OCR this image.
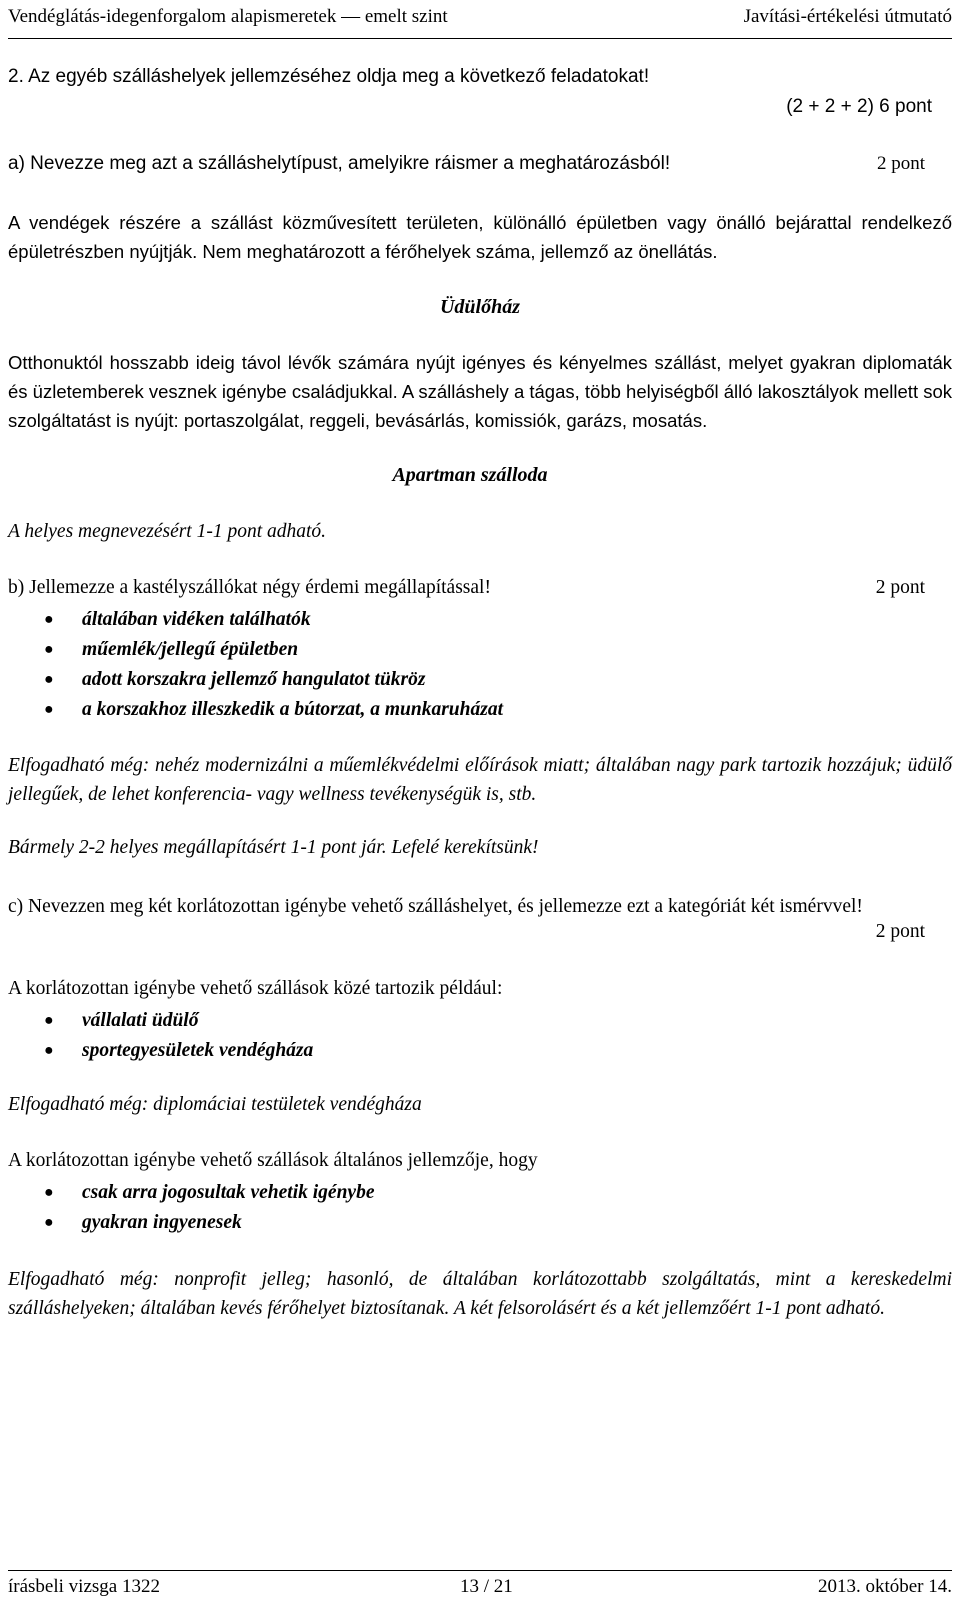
Vendéglátás-idegenforgalom alapismeretek — emelt szint	Javítási-értékelési útmutató
2. Az egyéb szálláshelyek jellemzéséhez oldja meg a következő feladatokat!
(2 + 2 + 2) 6 pont
a) Nevezze meg azt a szálláshelytípust, amelyikre ráismer a meghatározásból!	2 pont
A vendégek részére a szállást közművesített területen, különálló épületben vagy önálló bejárattal rendelkező épületrészben nyújtják. Nem meghatározott a férőhelyek száma, jellemző az önellátás.
Üdülőház
Otthonuktól hosszabb ideig távol lévők számára nyújt igényes és kényelmes szállást, melyet gyakran diplomaták és üzletemberek vesznek igénybe családjukkal. A szálláshely a tágas, több helyiségből álló lakosztályok mellett sok szolgáltatást is nyújt: portaszolgálat, reggeli, bevásárlás, komissiók, garázs, mosatás.
Apartman szálloda
A helyes megnevezésért 1-1 pont adható.
b) Jellemezze a kastélyszállókat négy érdemi megállapítással!	2 pont
● általában vidéken találhatók
● műemlék/jellegű épületben
● adott korszakra jellemző hangulatot tükröz
● a korszakhoz illeszkedik a bútorzat, a munkaruházat
Elfogadható még: nehéz modernizálni a műemlékvédelmi előírások miatt; általában nagy park tartozik hozzájuk; üdülő jellegűek, de lehet konferencia- vagy wellness tevékenységük is, stb.
Bármely 2-2 helyes megállapításért 1-1 pont jár. Lefelé kerekítsünk!
c) Nevezzen meg két korlátozottan igénybe vehető szálláshelyet, és jellemezze ezt a kategóriát két ismérvvel!
2 pont
A korlátozottan igénybe vehető szállások közé tartozik például:
● vállalati üdülő
● sportegyesületek vendégháza
Elfogadható még: diplomáciai testületek vendégháza
A korlátozottan igénybe vehető szállások általános jellemzője, hogy
● csak arra jogosultak vehetik igénybe
● gyakran ingyenesek
Elfogadható még: nonprofit jelleg; hasonló, de általában korlátozottabb szolgáltatás, mint a kereskedelmi szálláshelyeken; általában kevés férőhelyet biztosítanak. A két felsorolásért és a két jellemzőért 1-1 pont adható.
írásbeli vizsga 1322	13 / 21	2013. október 14.
